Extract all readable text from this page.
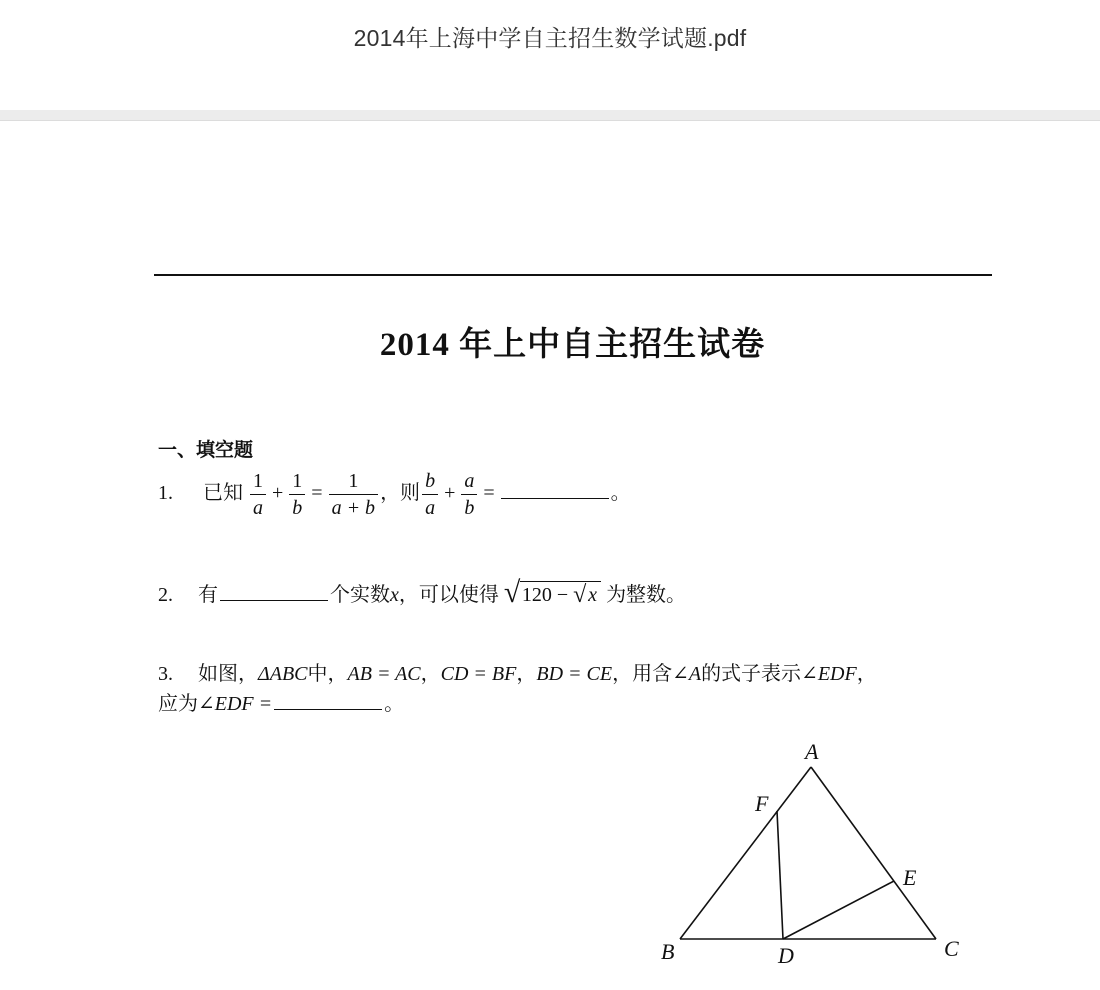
2014年上海中学自主招生数学试题.pdf
2014 年上中自主招生试卷
一、填空题
1. 已知 $\frac{1}{a} + \frac{1}{b} = \frac{1}{a + b}$ ，则 $\frac{b}{a} + \frac{a}{b}$ =	。
2. 有	个实数x，可以使得 √ 120 − √ x 为整数。
3. 如图，ΔABC中，AB = AC，CD = BF，BD = CE，用含∠A的式子表示∠EDF，
应为∠EDF =	。
A
F
E
B	D	C
